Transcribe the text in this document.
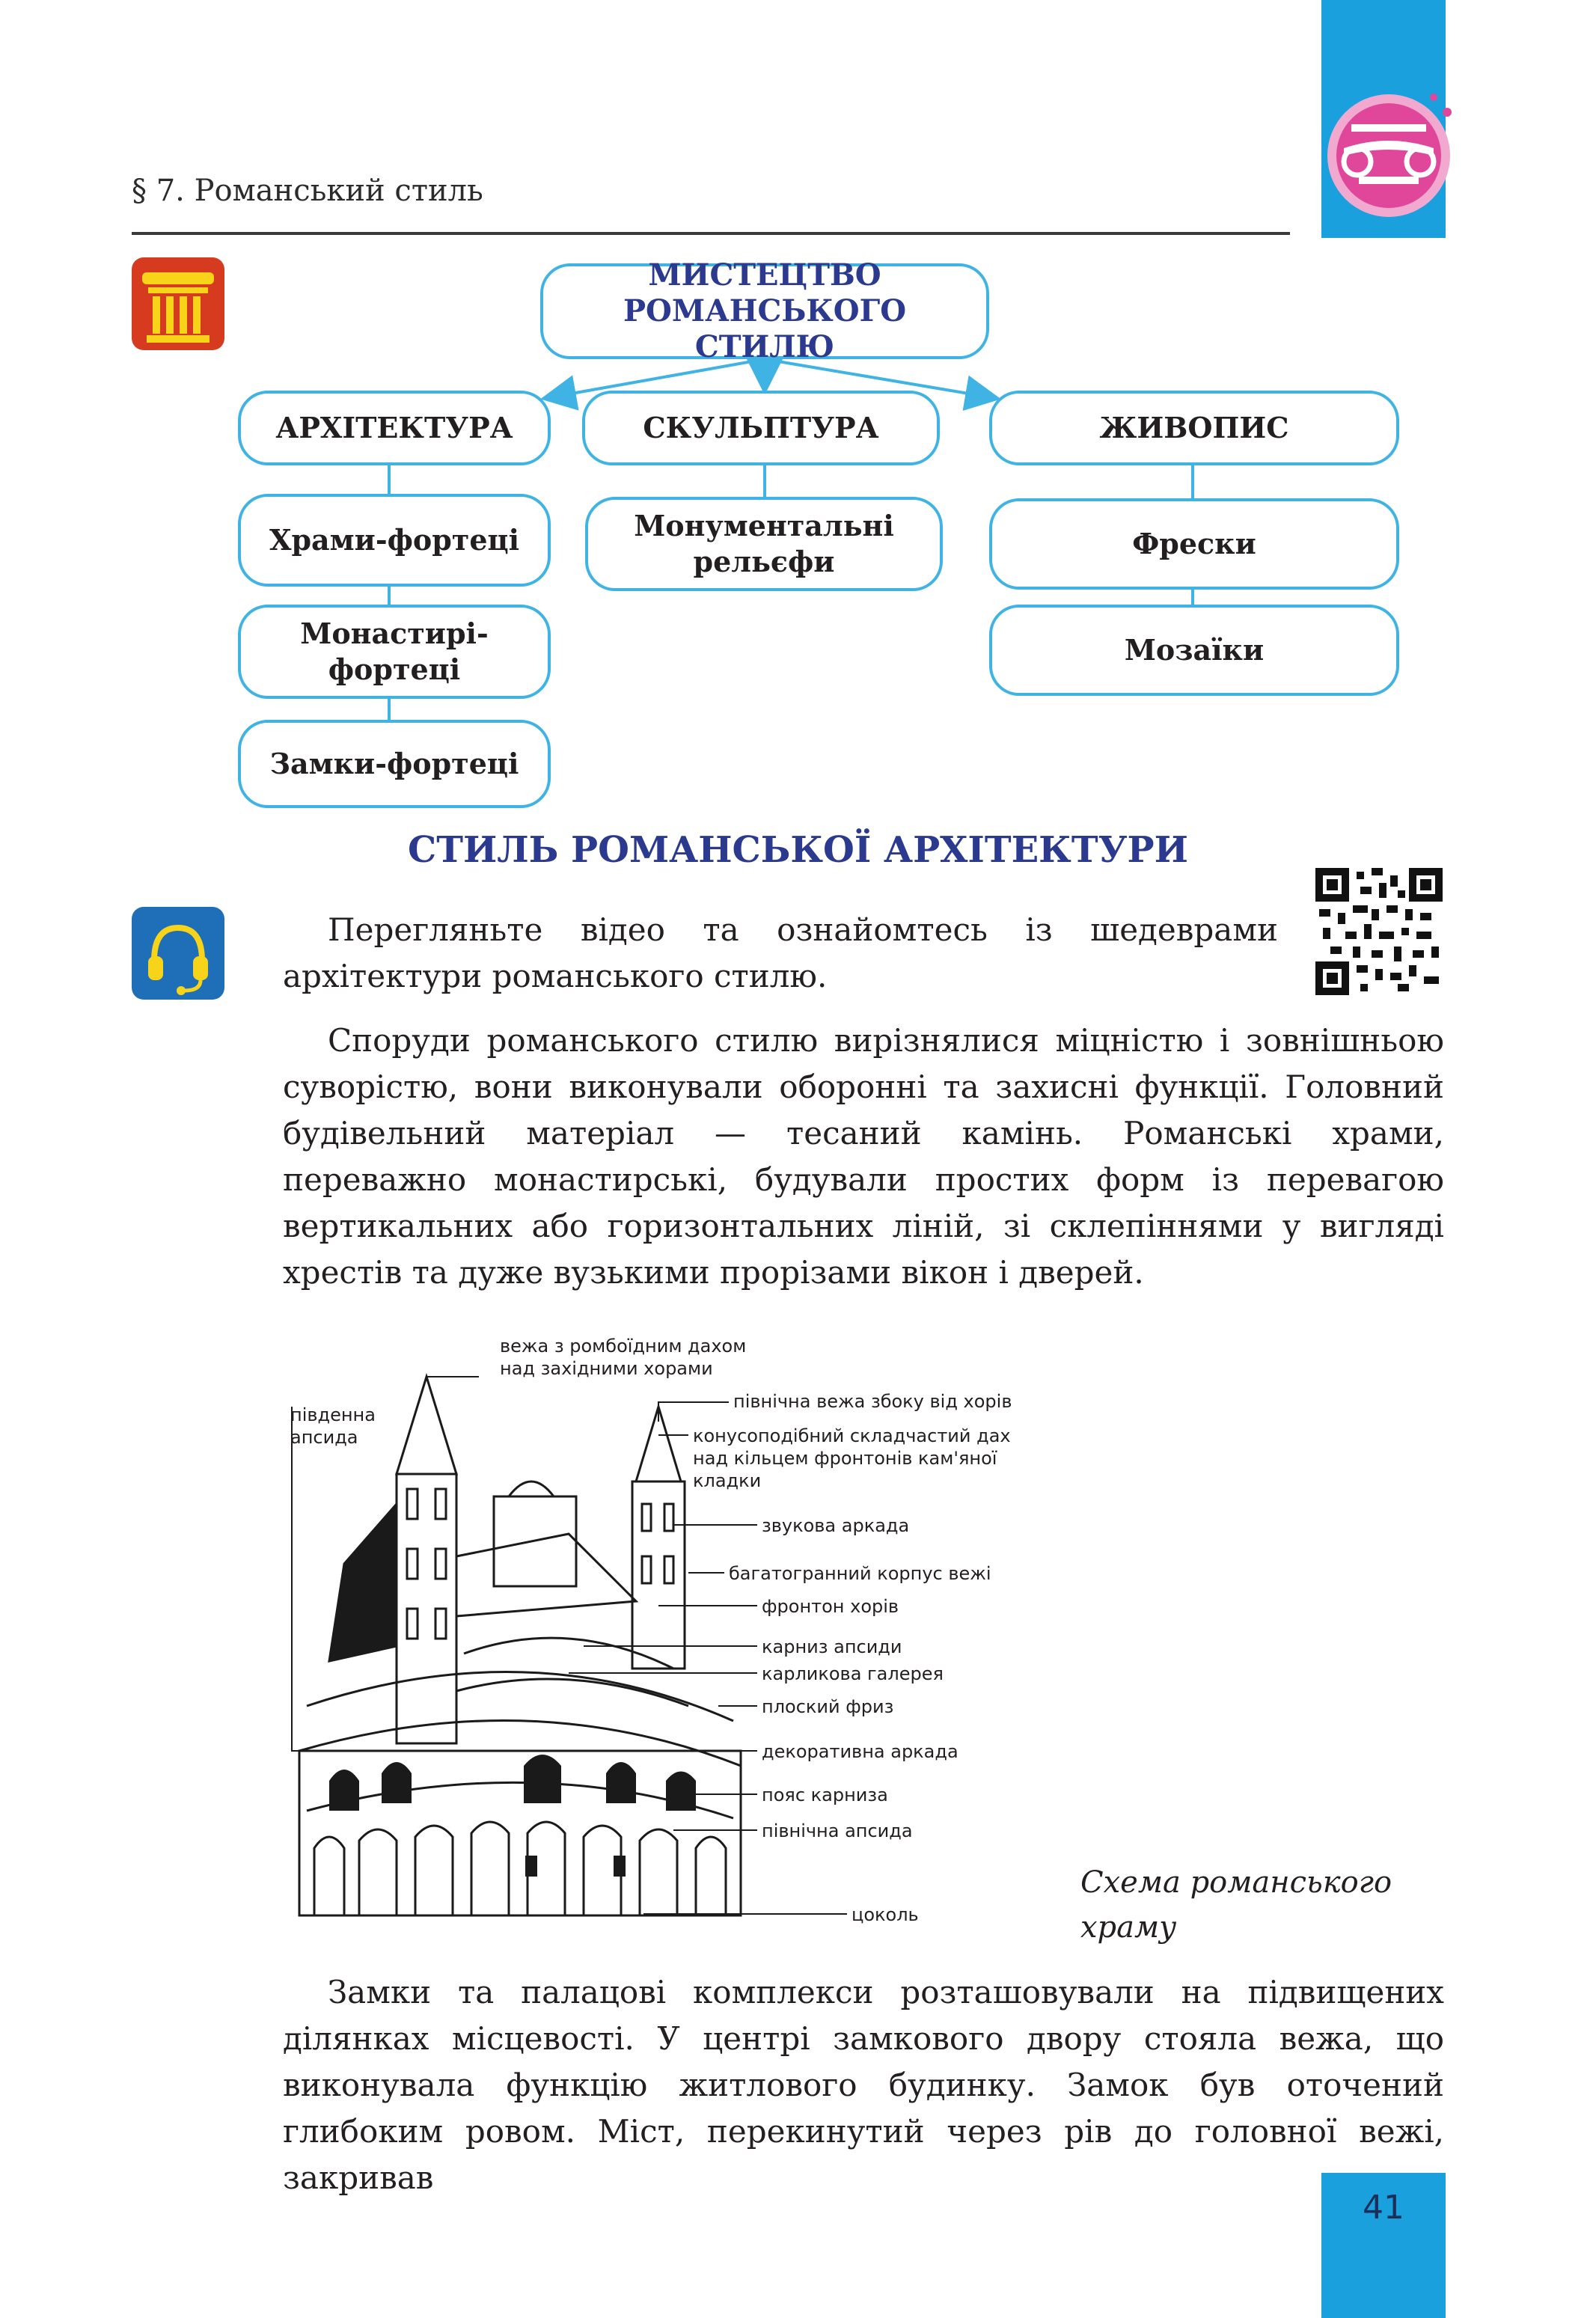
§ 7. Романський стиль
МИСТЕЦТВО РОМАНСЬКОГО СТИЛЮ
АРХІТЕКТУРА	СКУЛЬПТУРА	ЖИВОПИС
Храми-фортеці
Монастирі-фортеці
Замки-фортеці
Монументальні рельєфи
Фрески
Мозаїки
СТИЛЬ РОМАНСЬКОЇ АРХІТЕКТУРИ
Перегляньте відео та ознайомтесь із шедеврами архітектури романського стилю.
Споруди романського стилю вирізнялися міцністю і зовнішньою суворістю, вони виконували оборонні та захисні функції. Головний будівельний матеріал — тесаний камінь. Романські храми, переважно монастирські, будували простих форм із перевагою вертикальних або горизонтальних ліній, зі склепіннями у вигляді хрестів та дуже вузькими прорізами вікон і дверей.
вежа з ромбоїдним дахом над західними хорами
південна апсида
північна вежа збоку від хорів
конусоподібний складчастий дах над кільцем фронтонів кам'яної кладки
звукова аркада
багатогранний корпус вежі
фронтон хорів
карниз апсиди
карликова галерея
плоский фриз
декоративна аркада
пояс карниза
північна апсида
цоколь
Схема романського храму
Замки та палацові комплекси розташовували на підвищених ділянках місцевості. У центрі замкового двору стояла вежа, що виконувала функцію житлового будинку. Замок був оточений глибоким ровом. Міст, перекинутий через рів до головної вежі, закривав
41
